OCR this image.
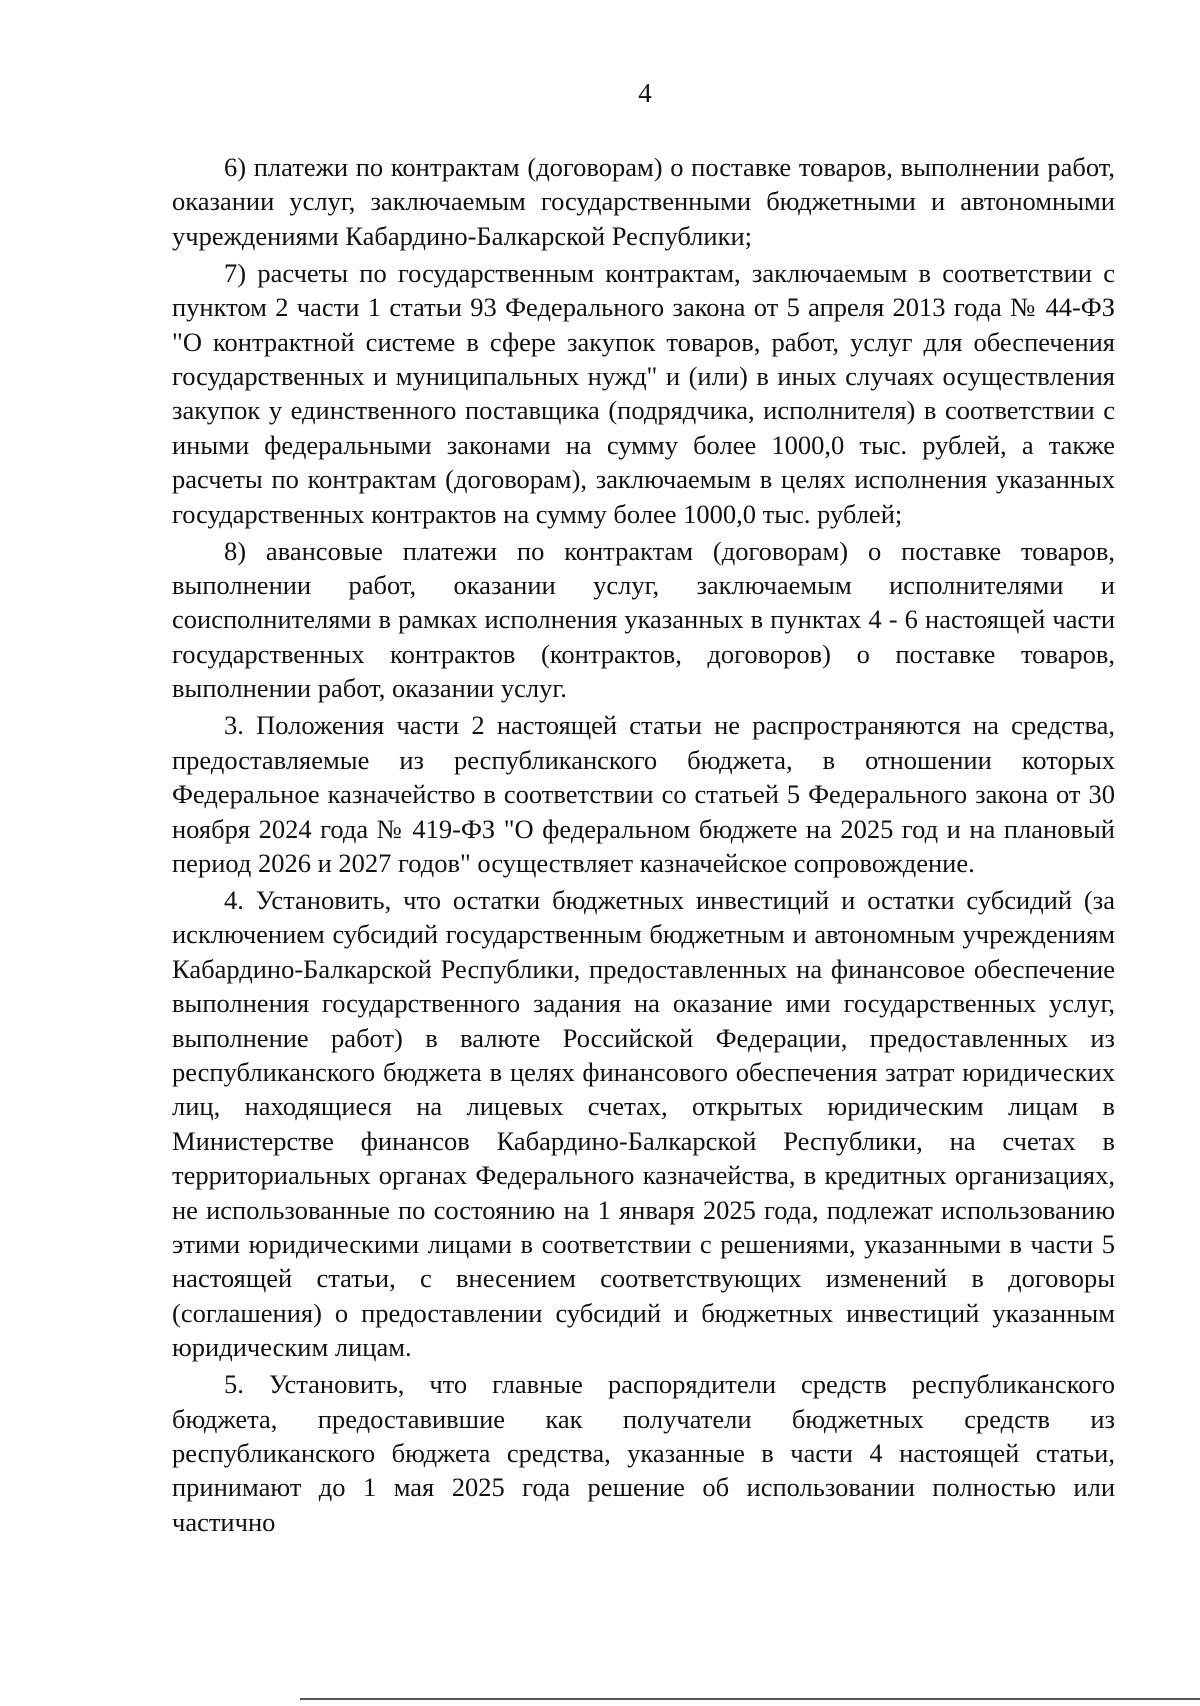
4

6) платежи по контрактам (договорам) о поставке товаров, выполнении работ, оказании услуг, заключаемым государственными бюджетными и автономными учреждениями Кабардино-Балкарской Республики;

7) расчеты по государственным контрактам, заключаемым в соответствии с пунктом 2 части 1 статьи 93 Федерального закона от 5 апреля 2013 года № 44-ФЗ "О контрактной системе в сфере закупок товаров, работ, услуг для обеспечения государственных и муниципальных нужд" и (или) в иных случаях осуществления закупок у единственного поставщика (подрядчика, исполнителя) в соответствии с иными федеральными законами на сумму более 1000,0 тыс. рублей, а также расчеты по контрактам (договорам), заключаемым в целях исполнения указанных государственных контрактов на сумму более 1000,0 тыс. рублей;

8) авансовые платежи по контрактам (договорам) о поставке товаров, выполнении работ, оказании услуг, заключаемым исполнителями и соисполнителями в рамках исполнения указанных в пунктах 4 - 6 настоящей части государственных контрактов (контрактов, договоров) о поставке товаров, выполнении работ, оказании услуг.

3. Положения части 2 настоящей статьи не распространяются на средства, предоставляемые из республиканского бюджета, в отношении которых Федеральное казначейство в соответствии со статьей 5 Федерального закона от 30 ноября 2024 года № 419-ФЗ "О федеральном бюджете на 2025 год и на плановый период 2026 и 2027 годов" осуществляет казначейское сопровождение.

4. Установить, что остатки бюджетных инвестиций и остатки субсидий (за исключением субсидий государственным бюджетным и автономным учреждениям Кабардино-Балкарской Республики, предоставленных на финансовое обеспечение выполнения государственного задания на оказание ими государственных услуг, выполнение работ) в валюте Российской Федерации, предоставленных из республиканского бюджета в целях финансового обеспечения затрат юридических лиц, находящиеся на лицевых счетах, открытых юридическим лицам в Министерстве финансов Кабардино-Балкарской Республики, на счетах в территориальных органах Федерального казначейства, в кредитных организациях, не использованные по состоянию на 1 января 2025 года, подлежат использованию этими юридическими лицами в соответствии с решениями, указанными в части 5 настоящей статьи, с внесением соответствующих изменений в договоры (соглашения) о предоставлении субсидий и бюджетных инвестиций указанным юридическим лицам.

5. Установить, что главные распорядители средств республиканского бюджета, предоставившие как получатели бюджетных средств из республиканского бюджета средства, указанные в части 4 настоящей статьи, принимают до 1 мая 2025 года решение об использовании полностью или частично
